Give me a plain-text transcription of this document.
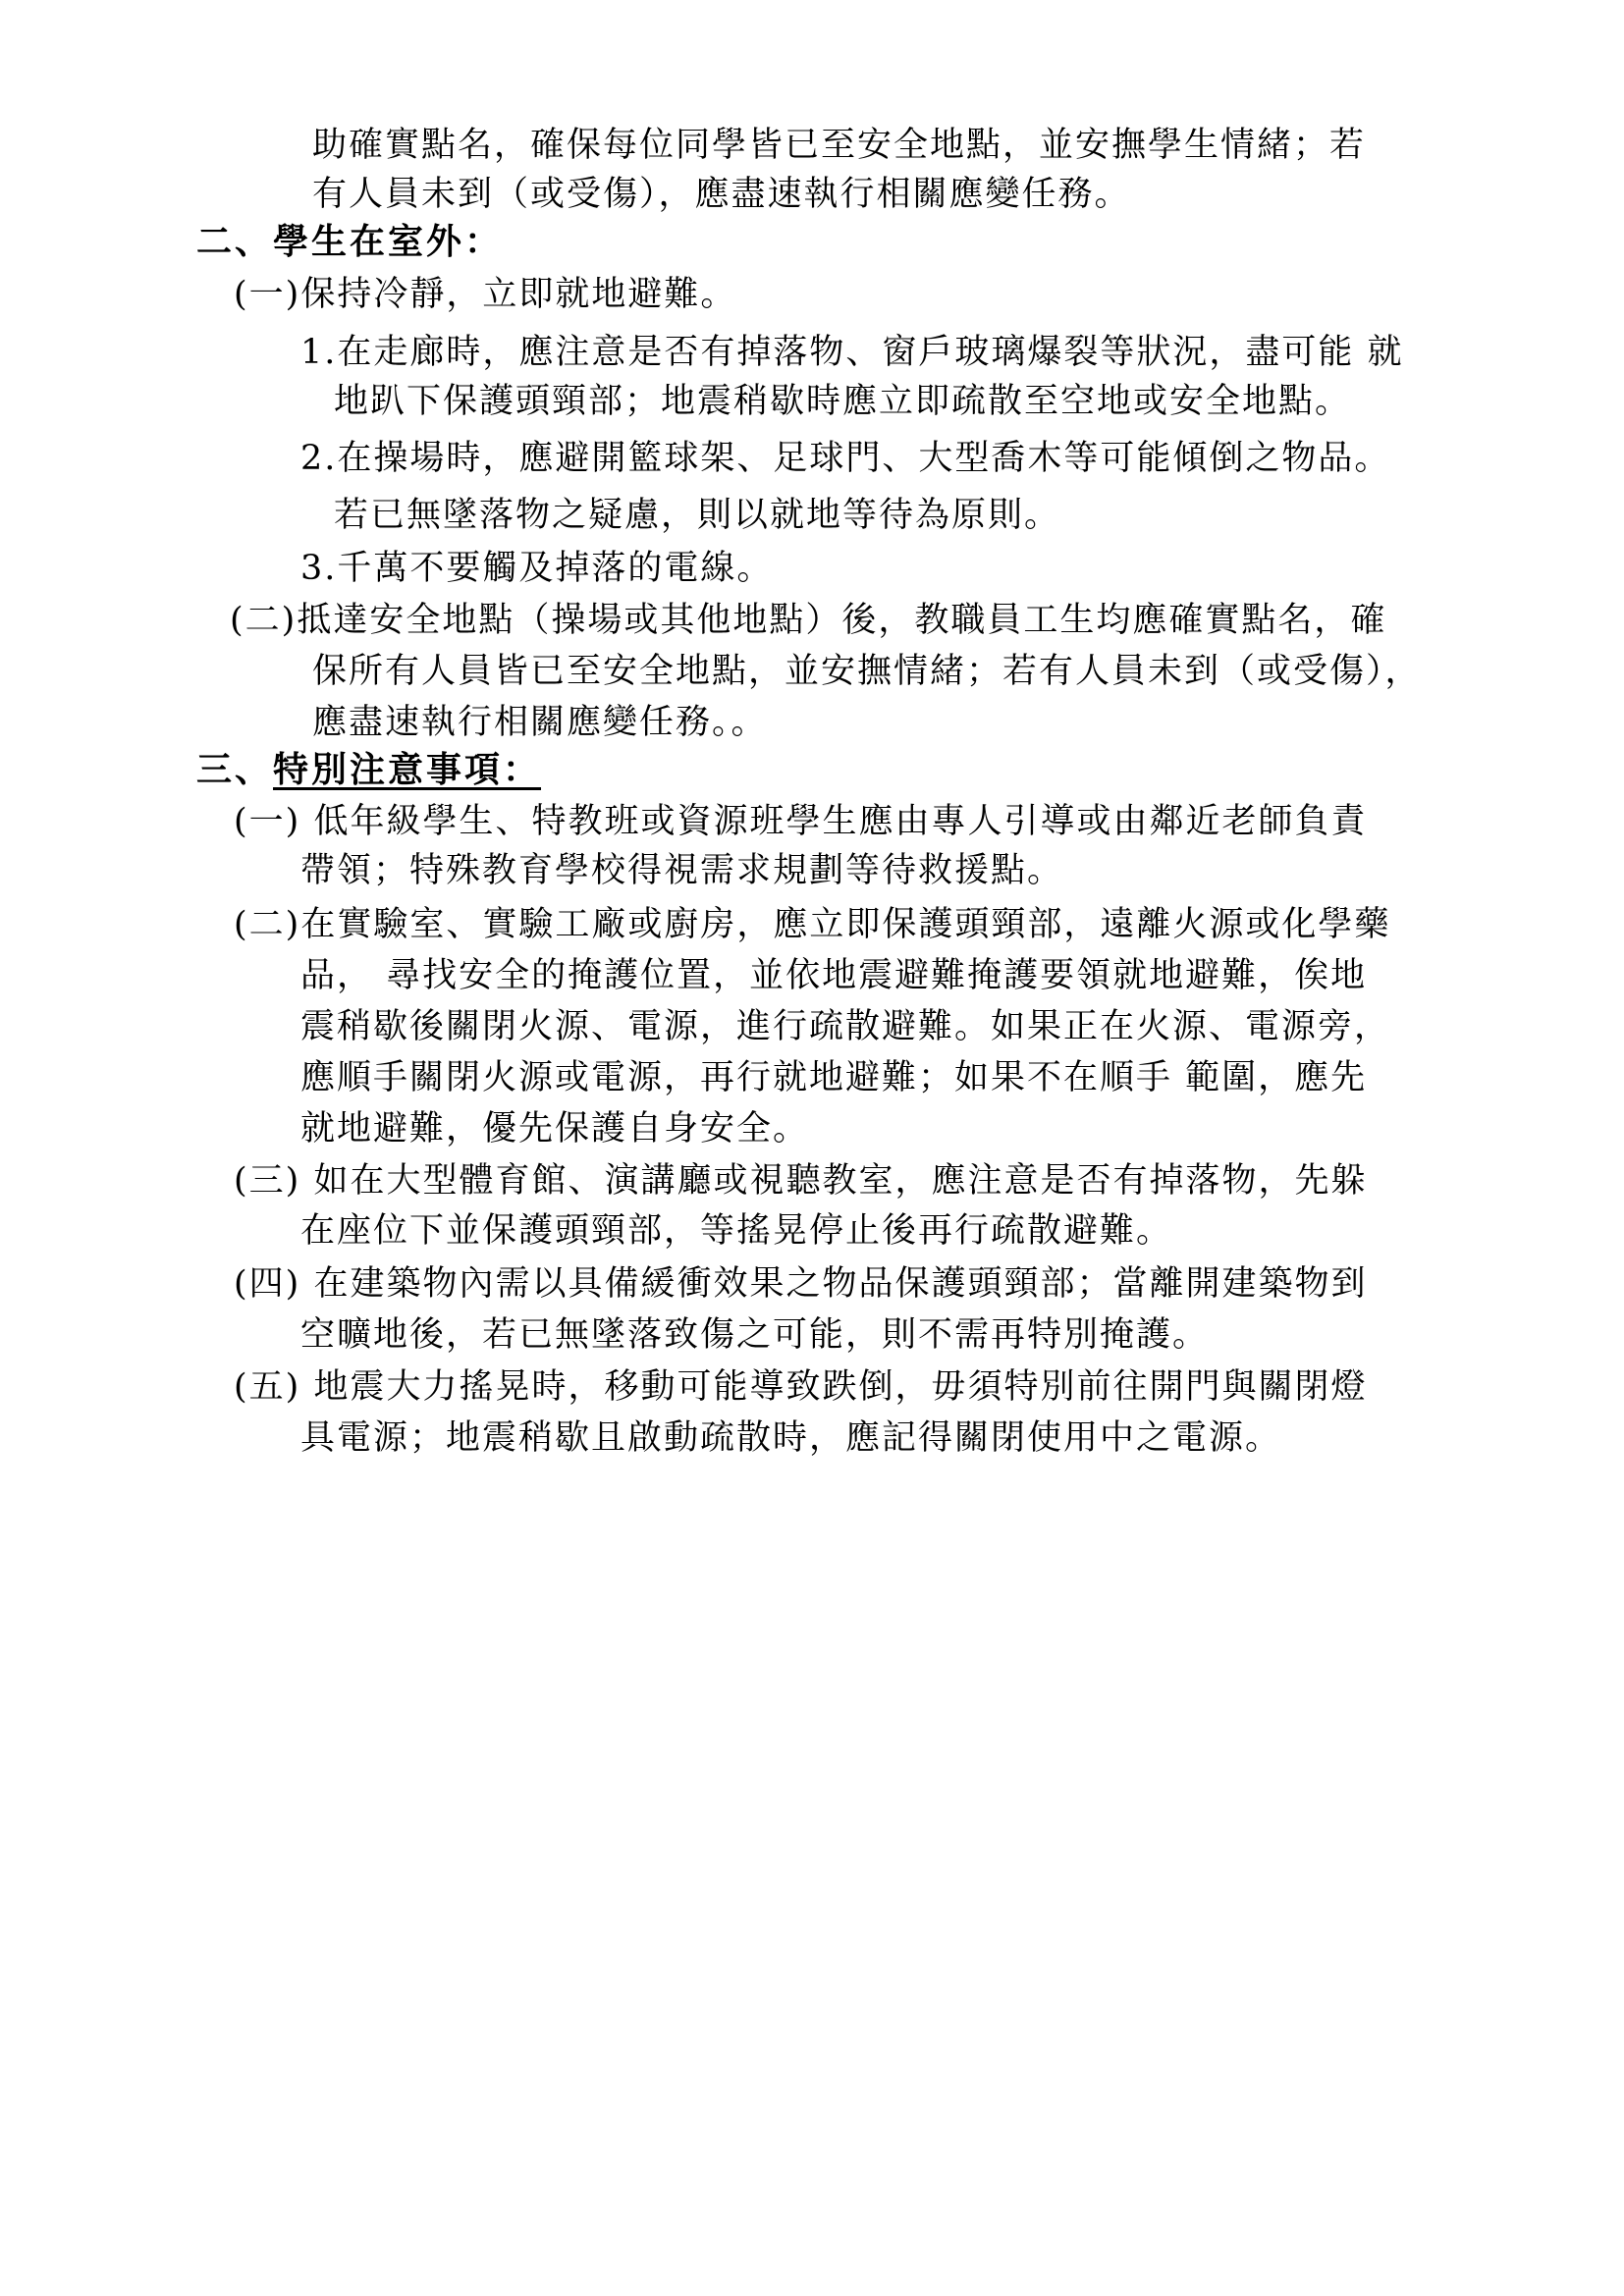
助確實點名，確保每位同學皆已至安全地點，並安撫學生情緒；若
有人員未到（或受傷），應盡速執行相關應變任務。
二、學生在室外：
(一)保持冷靜，立即就地避難。
1.在走廊時，應注意是否有掉落物、窗戶玻璃爆裂等狀況，盡可能 就
地趴下保護頭頸部；地震稍歇時應立即疏散至空地或安全地點。
2.在操場時，應避開籃球架、足球門、大型喬木等可能傾倒之物品。
若已無墜落物之疑慮，則以就地等待為原則。
3.千萬不要觸及掉落的電線。
(二)抵達安全地點（操場或其他地點）後，教職員工生均應確實點名，確
保所有人員皆已至安全地點，並安撫情緒；若有人員未到（或受傷），
應盡速執行相關應變任務。。
三、特別注意事項：
(一) 低年級學生、特教班或資源班學生應由專人引導或由鄰近老師負責
帶領；特殊教育學校得視需求規劃等待救援點。
(二)在實驗室、實驗工廠或廚房，應立即保護頭頸部，遠離火源或化學藥
品， 尋找安全的掩護位置，並依地震避難掩護要領就地避難，俟地
震稍歇後關閉火源、電源，進行疏散避難。如果正在火源、電源旁，
應順手關閉火源或電源，再行就地避難；如果不在順手 範圍，應先
就地避難，優先保護自身安全。
(三) 如在大型體育館、演講廳或視聽教室，應注意是否有掉落物，先躲
在座位下並保護頭頸部，等搖晃停止後再行疏散避難。
(四) 在建築物內需以具備緩衝效果之物品保護頭頸部；當離開建築物到
空曠地後，若已無墜落致傷之可能，則不需再特別掩護。
(五) 地震大力搖晃時，移動可能導致跌倒，毋須特別前往開門與關閉燈
具電源；地震稍歇且啟動疏散時，應記得關閉使用中之電源。
